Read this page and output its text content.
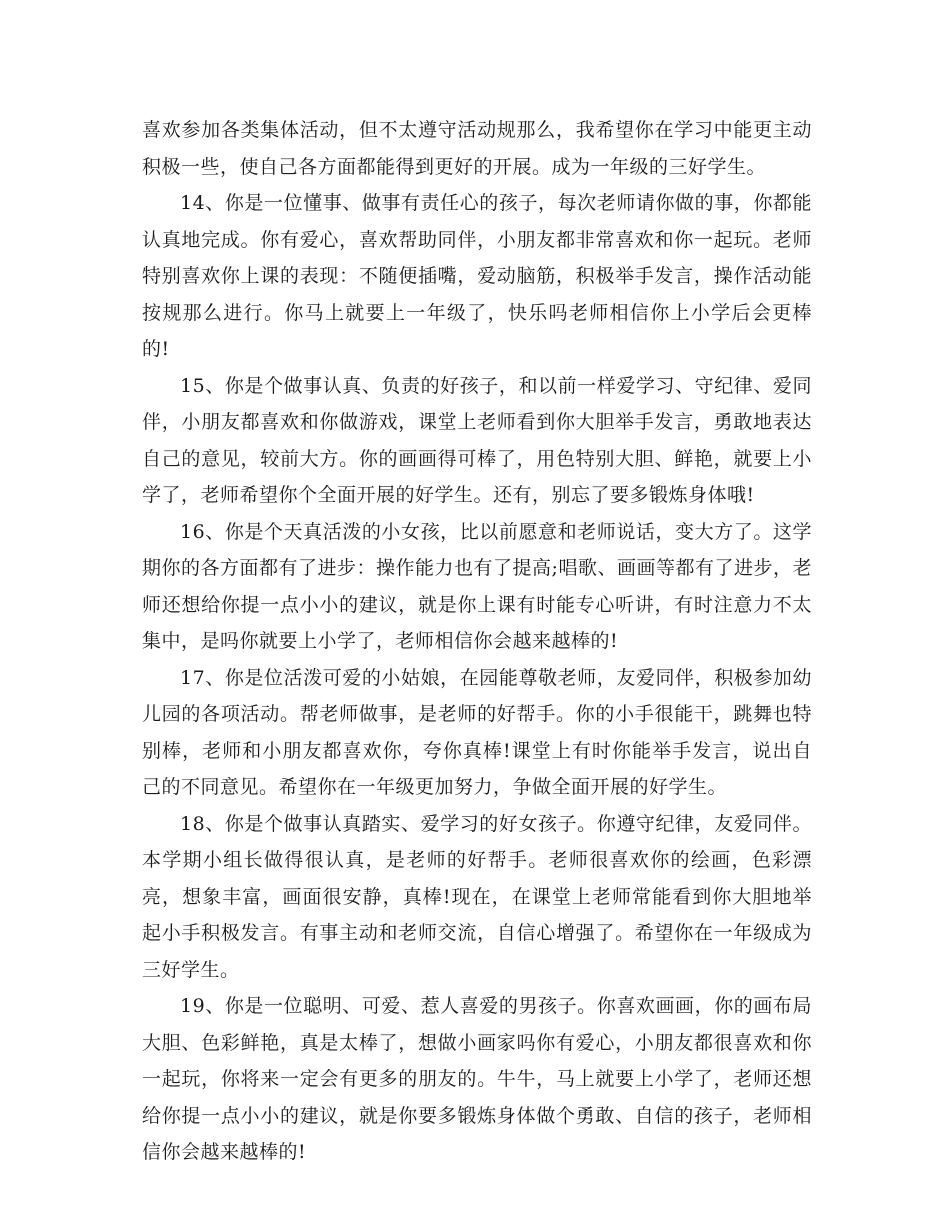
喜欢参加各类集体活动，但不太遵守活动规那么，我希望你在学习中能更主动积极一些，使自己各方面都能得到更好的开展。成为一年级的三好学生。

14、你是一位懂事、做事有责任心的孩子，每次老师请你做的事，你都能认真地完成。你有爱心，喜欢帮助同伴，小朋友都非常喜欢和你一起玩。老师特别喜欢你上课的表现：不随便插嘴，爱动脑筋，积极举手发言，操作活动能按规那么进行。你马上就要上一年级了，快乐吗老师相信你上小学后会更棒的!

15、你是个做事认真、负责的好孩子，和以前一样爱学习、守纪律、爱同伴，小朋友都喜欢和你做游戏，课堂上老师看到你大胆举手发言，勇敢地表达自己的意见，较前大方。你的画画得可棒了，用色特别大胆、鲜艳，就要上小学了，老师希望你个全面开展的好学生。还有，别忘了要多锻炼身体哦!

16、你是个天真活泼的小女孩，比以前愿意和老师说话，变大方了。这学期你的各方面都有了进步：操作能力也有了提高;唱歌、画画等都有了进步，老师还想给你提一点小小的建议，就是你上课有时能专心听讲，有时注意力不太集中，是吗你就要上小学了，老师相信你会越来越棒的!

17、你是位活泼可爱的小姑娘，在园能尊敬老师，友爱同伴，积极参加幼儿园的各项活动。帮老师做事，是老师的好帮手。你的小手很能干，跳舞也特别棒，老师和小朋友都喜欢你，夸你真棒!课堂上有时你能举手发言，说出自己的不同意见。希望你在一年级更加努力，争做全面开展的好学生。

18、你是个做事认真踏实、爱学习的好女孩子。你遵守纪律，友爱同伴。本学期小组长做得很认真，是老师的好帮手。老师很喜欢你的绘画，色彩漂亮，想象丰富，画面很安静，真棒!现在，在课堂上老师常能看到你大胆地举起小手积极发言。有事主动和老师交流，自信心增强了。希望你在一年级成为三好学生。

19、你是一位聪明、可爱、惹人喜爱的男孩子。你喜欢画画，你的画布局大胆、色彩鲜艳，真是太棒了，想做小画家吗你有爱心，小朋友都很喜欢和你一起玩，你将来一定会有更多的朋友的。牛牛，马上就要上小学了，老师还想给你提一点小小的建议，就是你要多锻炼身体做个勇敢、自信的孩子，老师相信你会越来越棒的!
